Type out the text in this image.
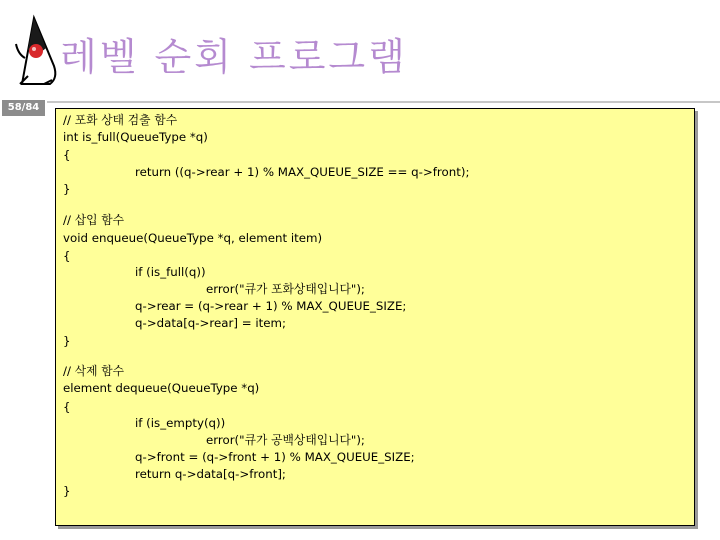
레벨 순회 프로그램
58/84
// 포화 상태 검출 함수
int is_full(QueueType *q)
{
return ((q->rear + 1) % MAX_QUEUE_SIZE == q->front);
}
// 삽입 함수
void enqueue(QueueType *q, element item)
{
if (is_full(q))
error("큐가 포화상태입니다");
q->rear = (q->rear + 1) % MAX_QUEUE_SIZE;
q->data[q->rear] = item;
}
// 삭제 함수
element dequeue(QueueType *q)
{
if (is_empty(q))
error("큐가 공백상태입니다");
q->front = (q->front + 1) % MAX_QUEUE_SIZE;
return q->data[q->front];
}
